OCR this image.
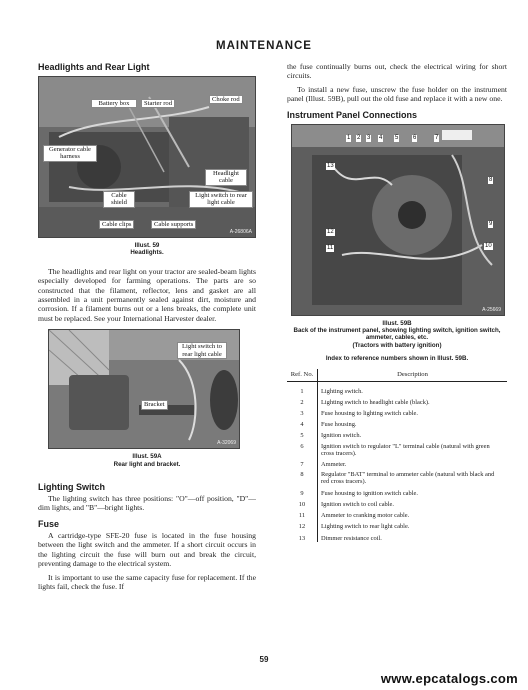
MAINTENANCE
Headlights and Rear Light
Battery box	Starter rod
Choke rod
Generator cable harness
Headlight cable
Cable shield
Light switch to rear light cable
Cable clips	Cable supports
A-26806A
Illust. 59
Headlights.

The headlights and rear light on your tractor are sealed-beam lights especially developed for farming operations. The parts are so constructed that the filament, reflector, lens and gasket are all assembled in a unit permanently sealed against dirt, moisture and corrosion. If a filament burns out or a lens breaks, the complete unit must be replaced. See your International Harvester dealer.

Light switch to rear light cable
Bracket
A-32069
Illust. 59A
Rear light and bracket.
Lighting Switch

The lighting switch has three positions: "O"—off position, "D"—dim lights, and "B"—bright lights.

Fuse

A cartridge-type SFE-20 fuse is located in the fuse housing between the light switch and the ammeter. If a short circuit occurs in the lighting circuit the fuse will burn out and break the circuit, preventing damage to the electrical system.

It is important to use the same capacity fuse for replacement. If the lights fail, check the fuse. If

the fuse continually burns out, check the electrical wiring for short circuits.

To install a new fuse, unscrew the fuse holder on the instrument panel (Illust. 59B), pull out the old fuse and replace it with a new one.

Instrument Panel Connections
1 2 3 4 5 6	7
8
9
10
11
12
13
A-25669
Illust. 59B
Back of the instrument panel, showing lighting switch, ignition switch, ammeter, cables, etc.
(Tractors with battery ignition)
Index to reference numbers shown in Illust. 59B.
Ref. No.	Description
1	Lighting switch.
2	Lighting switch to headlight cable (black).
3	Fuse housing to lighting switch cable.
4	Fuse housing.
5	Ignition switch.
6	Ignition switch to regulator "L" terminal cable (natural with green cross tracers).
7	Ammeter.
8	Regulator "BAT" terminal to ammeter cable (natural with black and red cross tracers).
9	Fuse housing to ignition switch cable.
10	Ignition switch to coil cable.
11	Ammeter to cranking motor cable.
12	Lighting switch to rear light cable.
13	Dimmer resistance coil.
59
www.epcatalogs.com
